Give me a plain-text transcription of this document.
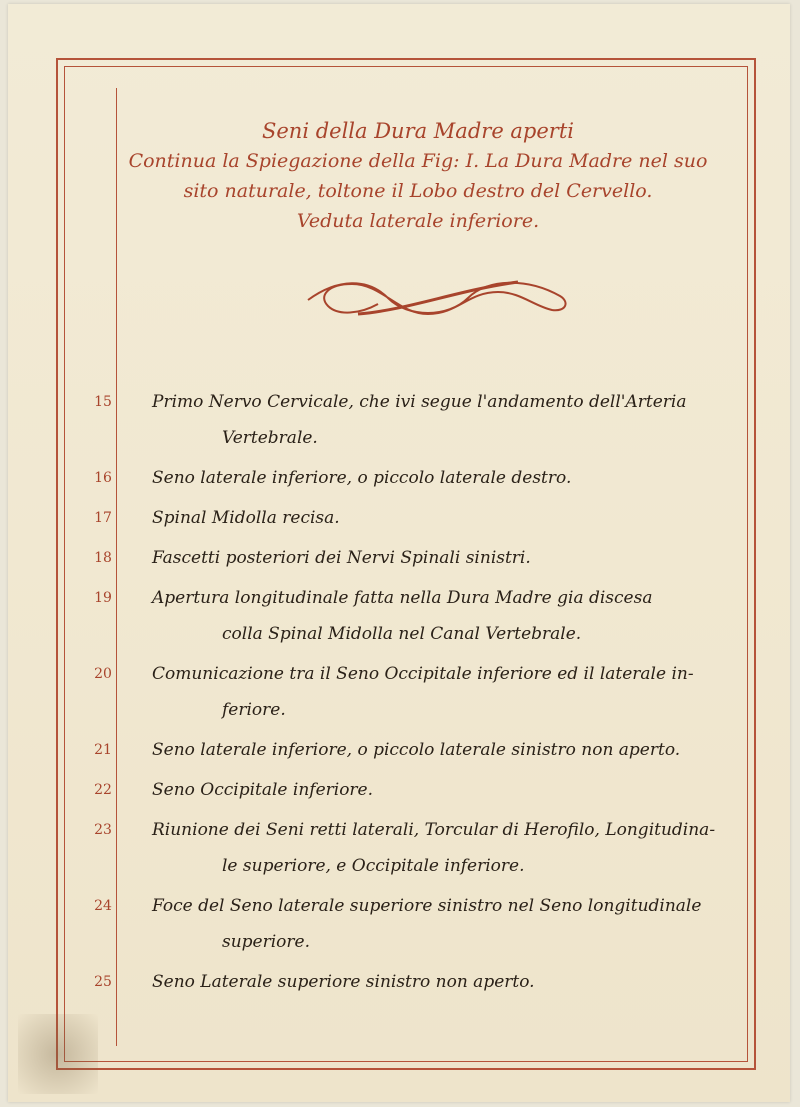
Seni della Dura Madre aperti
Continua la Spiegazione della Fig: I. La Dura Madre nel suo
sito naturale, toltone il Lobo destro del Cervello.
Veduta laterale inferiore.
15	Primo Nervo Cervicale, che ivi segue l'andamento dell'Arteria
Vertebrale.
16	Seno laterale inferiore, o piccolo laterale destro.
17	Spinal Midolla recisa.
18	Fascetti posteriori dei Nervi Spinali sinistri.
19	Apertura longitudinale fatta nella Dura Madre gia discesa
colla Spinal Midolla nel Canal Vertebrale.
20	Comunicazione tra il Seno Occipitale inferiore ed il laterale in-
feriore.
21	Seno laterale inferiore, o piccolo laterale sinistro non aperto.
22	Seno Occipitale inferiore.
23	Riunione dei Seni retti laterali, Torcular di Herofilo, Longitudina-
le superiore, e Occipitale inferiore.
24	Foce del Seno laterale superiore sinistro nel Seno longitudinale
superiore.
25	Seno Laterale superiore sinistro non aperto.
